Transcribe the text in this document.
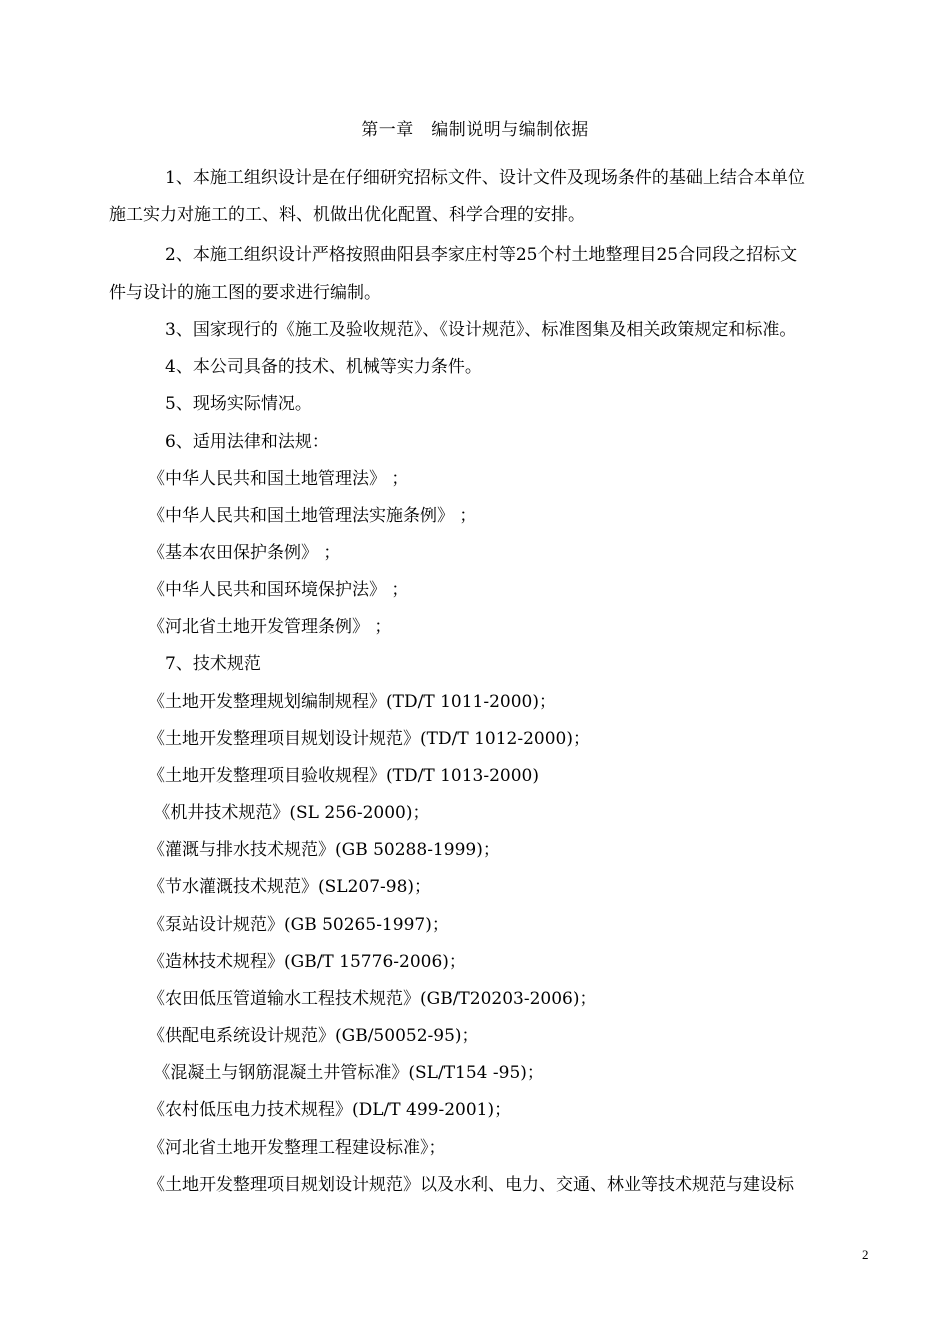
第一章　编制说明与编制依据
1、本施工组织设计是在仔细研究招标文件、设计文件及现场条件的基础上结合本单位
施工实力对施工的工、料、机做出优化配置、科学合理的安排。
2、本施工组织设计严格按照曲阳县李家庄村等25个村土地整理目25合同段之招标文
件与设计的施工图的要求进行编制。
3、国家现行的《施工及验收规范》、《设计规范》、标准图集及相关政策规定和标准。
4、本公司具备的技术、机械等实力条件。
5、现场实际情况。
6、适用法律和法规：
《中华人民共和国土地管理法》 ；
《中华人民共和国土地管理法实施条例》 ；
《基本农田保护条例》 ；
《中华人民共和国环境保护法》 ；
《河北省土地开发管理条例》 ；
7、技术规范
《土地开发整理规划编制规程》(TD/T 1011-2000)；
《土地开发整理项目规划设计规范》(TD/T 1012-2000)；
《土地开发整理项目验收规程》(TD/T 1013-2000)
《机井技术规范》(SL 256-2000)；
《灌溉与排水技术规范》(GB 50288-1999)；
《节水灌溉技术规范》(SL207-98)；
《泵站设计规范》(GB 50265-1997)；
《造林技术规程》(GB/T 15776-2006)；
《农田低压管道输水工程技术规范》(GB/T20203-2006)；
《供配电系统设计规范》(GB/50052-95)；
《混凝土与钢筋混凝土井管标准》(SL/T154 -95)；
《农村低压电力技术规程》(DL/T 499-2001)；
《河北省土地开发整理工程建设标准》；
《土地开发整理项目规划设计规范》以及水利、电力、交通、林业等技术规范与建设标
2
